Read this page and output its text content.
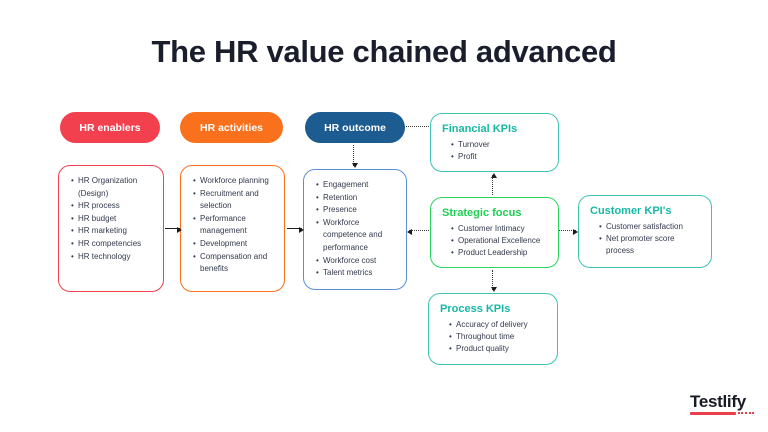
The HR value chained advanced
HR enablers	HR activities	HR outcome
• HR Organization (Design)
• HR process
• HR budget
• HR marketing
• HR competencies
• HR technology
• Workforce planning
• Recruitment and selection
• Performance management
• Development
• Compensation and benefits
• Engagement
• Retention
• Presence
• Workforce competence and performance
• Workforce cost
• Talent metrics
Financial KPIs
• Turnover
• Profit
Strategic focus
• Customer Intimacy
• Operational Excellence
• Product Leadership
Customer KPI's
• Customer satisfaction
• Net promoter score process
Process KPIs
• Accuracy of delivery
• Throughout time
• Product quality
Testlify
